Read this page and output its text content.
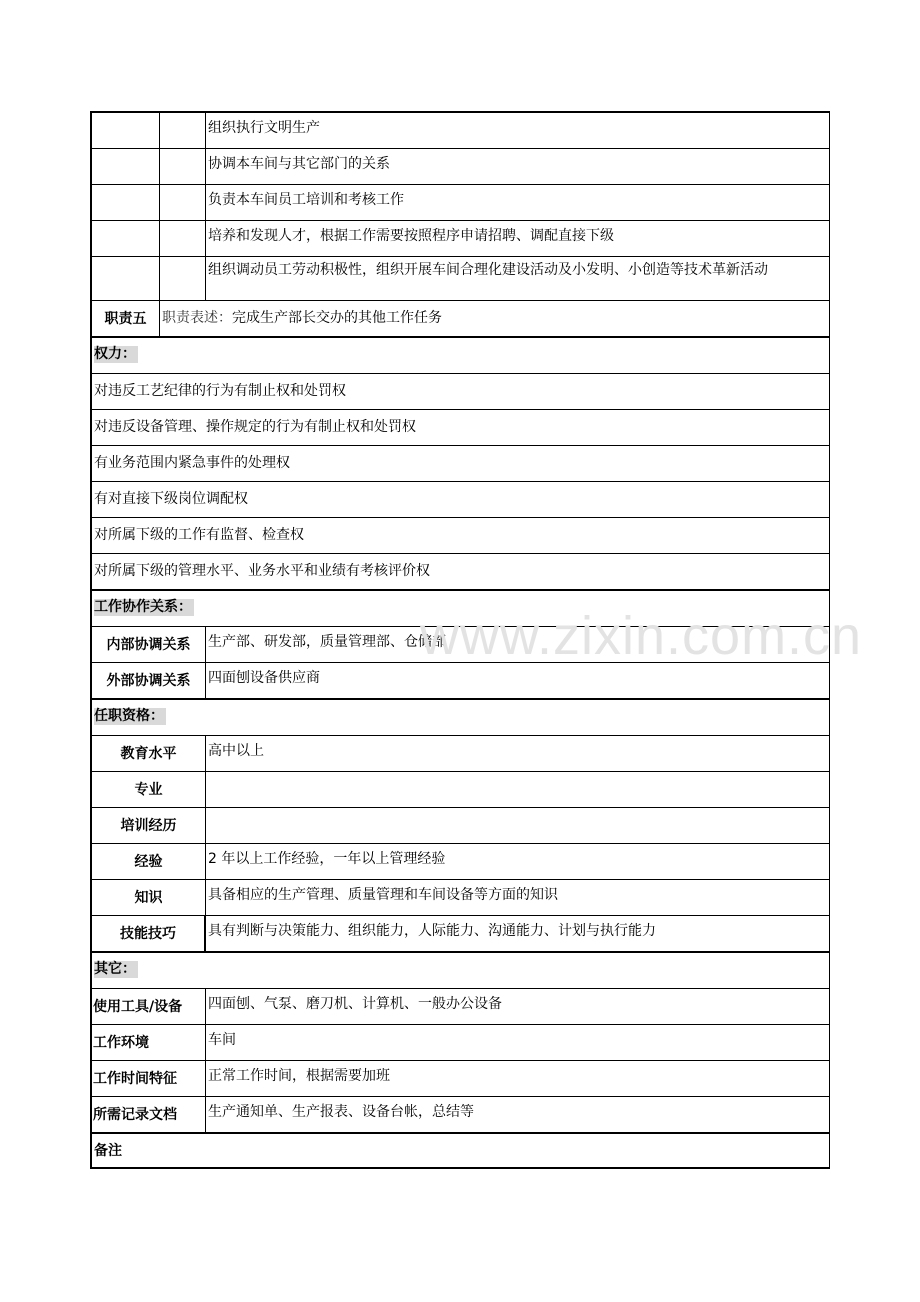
组织执行文明生产
协调本车间与其它部门的关系
负责本车间员工培训和考核工作
培养和发现人才，根据工作需要按照程序申请招聘、调配直接下级
组织调动员工劳动积极性，组织开展车间合理化建设活动及小发明、小创造等技术革新活动
职责五	职责表述：完成生产部长交办的其他工作任务
权力：
对违反工艺纪律的行为有制止权和处罚权
对违反设备管理、操作规定的行为有制止权和处罚权
有业务范围内紧急事件的处理权
有对直接下级岗位调配权
对所属下级的工作有监督、检查权
对所属下级的管理水平、业务水平和业绩有考核评价权
工作协作关系：
内部协调关系	生产部、研发部，质量管理部、仓储部
外部协调关系	四面刨设备供应商
任职资格：
教育水平	高中以上
专业
培训经历
经验	2 年以上工作经验，一年以上管理经验
知识	具备相应的生产管理、质量管理和车间设备等方面的知识
技能技巧	具有判断与决策能力、组织能力，人际能力、沟通能力、计划与执行能力
其它：
使用工具/设备	四面刨、气泵、磨刀机、计算机、一般办公设备
工作环境	车间
工作时间特征	正常工作时间，根据需要加班
所需记录文档	生产通知单、生产报表、设备台帐，总结等
备注
www.zixin.com.cn
